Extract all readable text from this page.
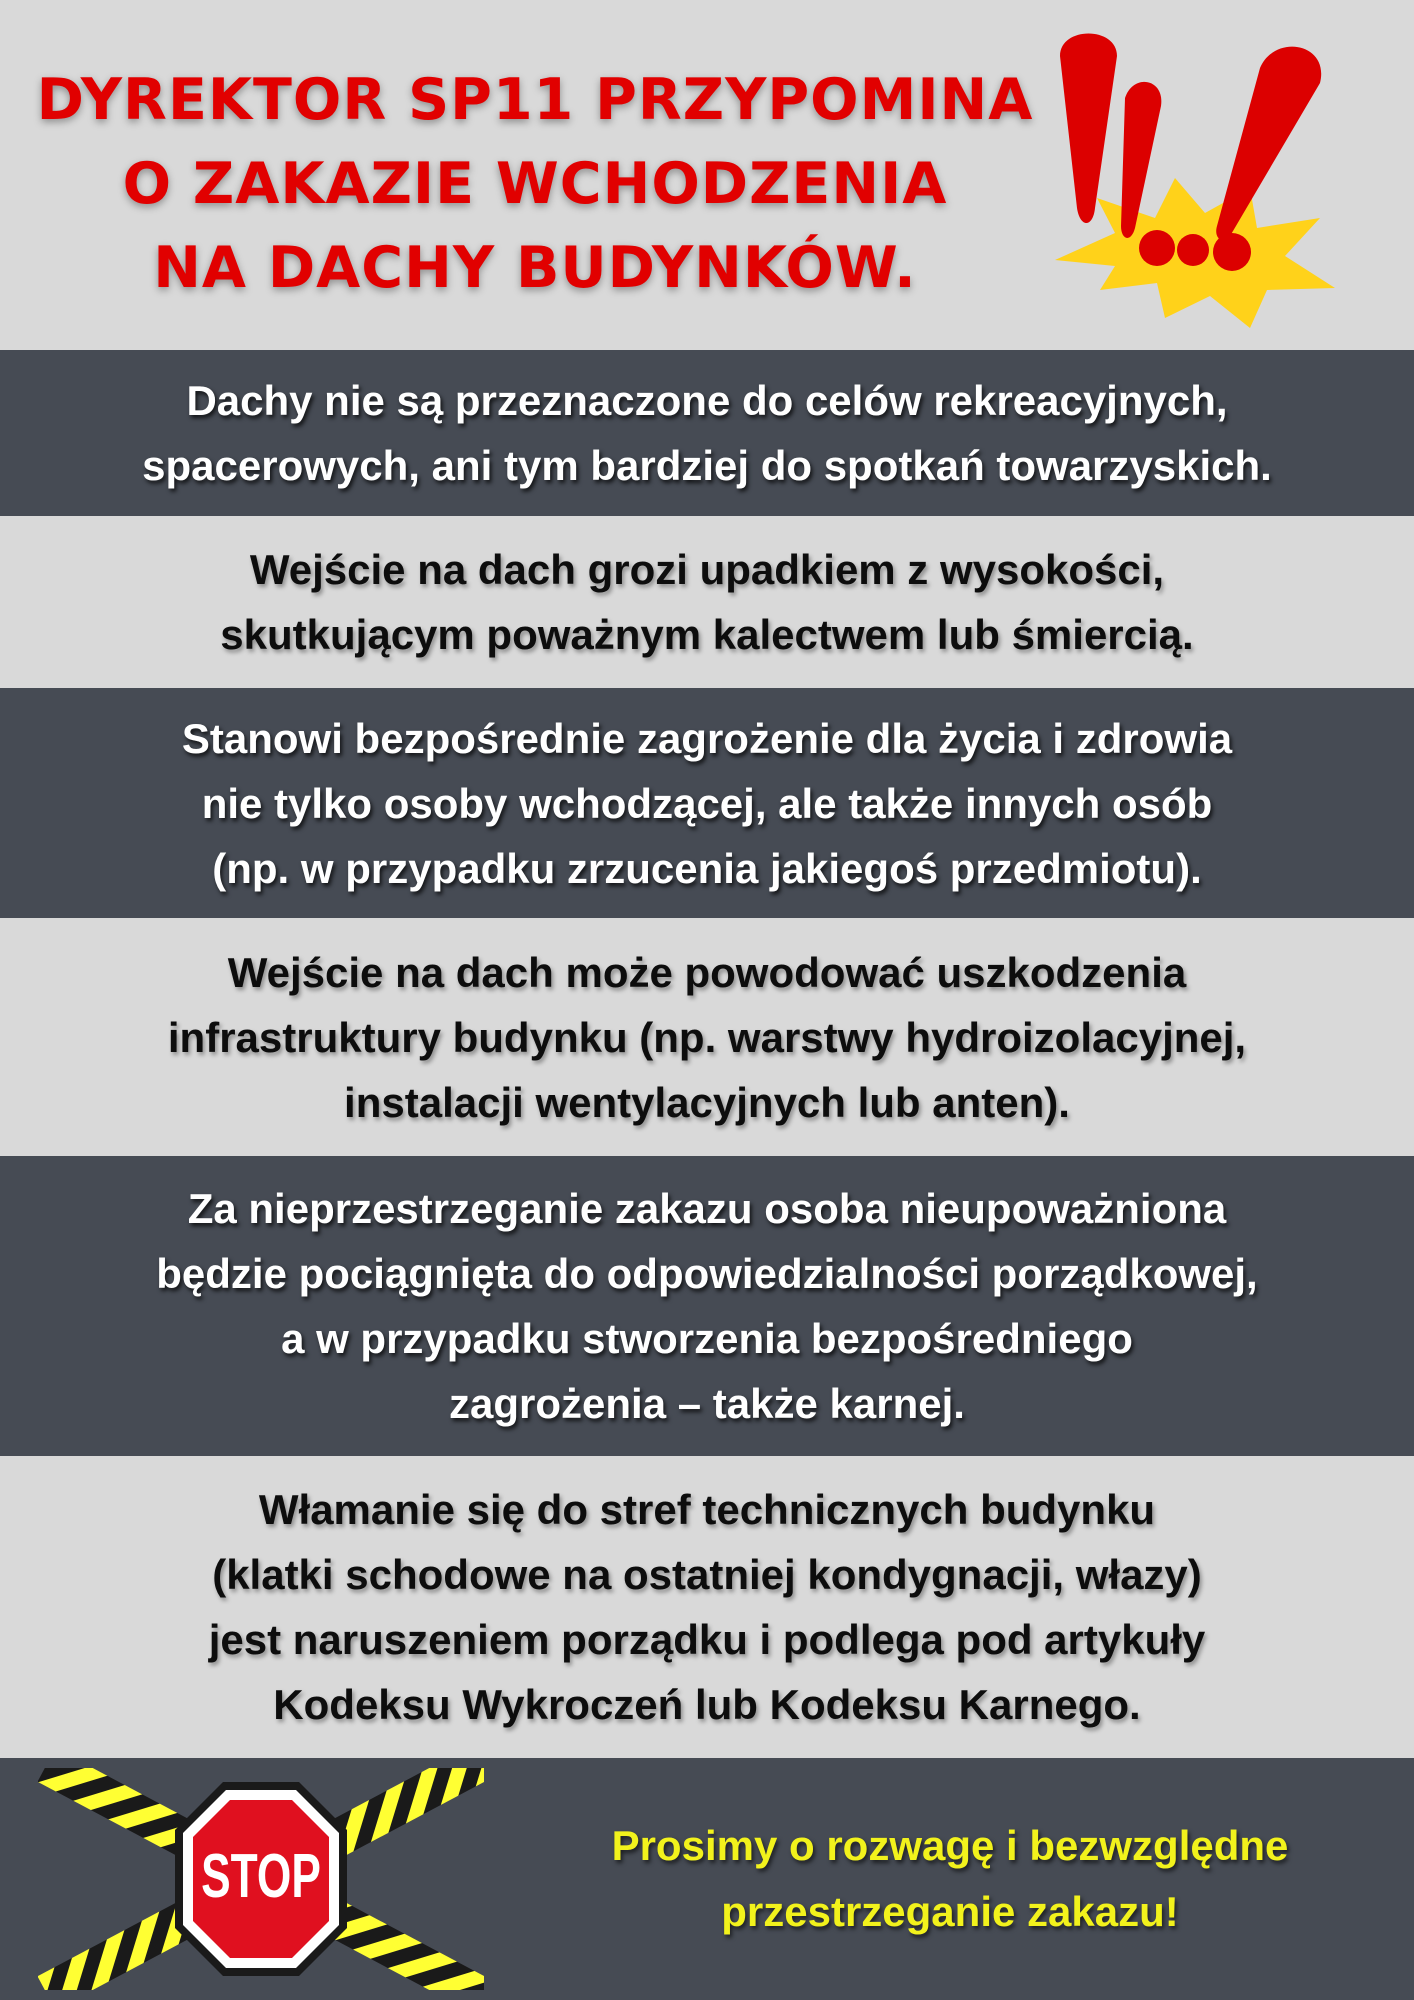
DYREKTOR SP11 PRZYPOMINA
O ZAKAZIE WCHODZENIA
NA DACHY BUDYNKÓW.
Dachy nie są przeznaczone do celów rekreacyjnych,
spacerowych, ani tym bardziej do spotkań towarzyskich.
Wejście na dach grozi upadkiem z wysokości,
skutkującym poważnym kalectwem lub śmiercią.
Stanowi bezpośrednie zagrożenie dla życia i zdrowia
nie tylko osoby wchodzącej, ale także innych osób
(np. w przypadku zrzucenia jakiegoś przedmiotu).
Wejście na dach może powodować uszkodzenia
infrastruktury budynku (np. warstwy hydroizolacyjnej,
instalacji wentylacyjnych lub anten).
Za nieprzestrzeganie zakazu osoba nieupoważniona
będzie pociągnięta do odpowiedzialności porządkowej,
a w przypadku stworzenia bezpośredniego
zagrożenia – także karnej.
Włamanie się do stref technicznych budynku
(klatki schodowe na ostatniej kondygnacji, włazy)
jest naruszeniem porządku i podlega pod artykuły
Kodeksu Wykroczeń lub Kodeksu Karnego.
STOP	Prosimy o rozwagę i bezwzględne
przestrzeganie zakazu!
